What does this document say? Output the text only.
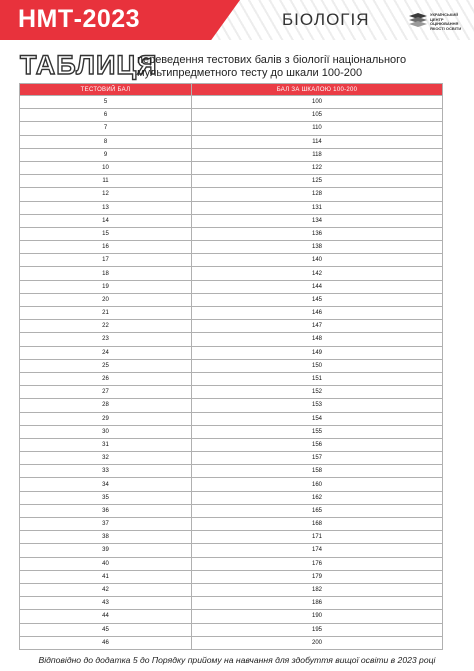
НМТ-2023	БІОЛОГІЯ	УКРАЇНСЬКИЙ ЦЕНТР ОЦІНЮВАННЯ ЯКОСТІ ОСВІТИ
ТАБЛИЦЯ
переведення тестових балів з біології національного мультипредметного тесту до шкали 100-200
ТЕСТОВИЙ БАЛ	БАЛ ЗА ШКАЛОЮ 100-200
5	100
6	105
7	110
8	114
9	118
10	122
11	125
12	128
13	131
14	134
15	136
16	138
17	140
18	142
19	144
20	145
21	146
22	147
23	148
24	149
25	150
26	151
27	152
28	153
29	154
30	155
31	156
32	157
33	158
34	160
35	162
36	165
37	168
38	171
39	174
40	176
41	179
42	182
43	186
44	190
45	195
46	200
Відповідно до додатка 5 до Порядку прийому на навчання для здобуття вищої освіти в 2023 році
